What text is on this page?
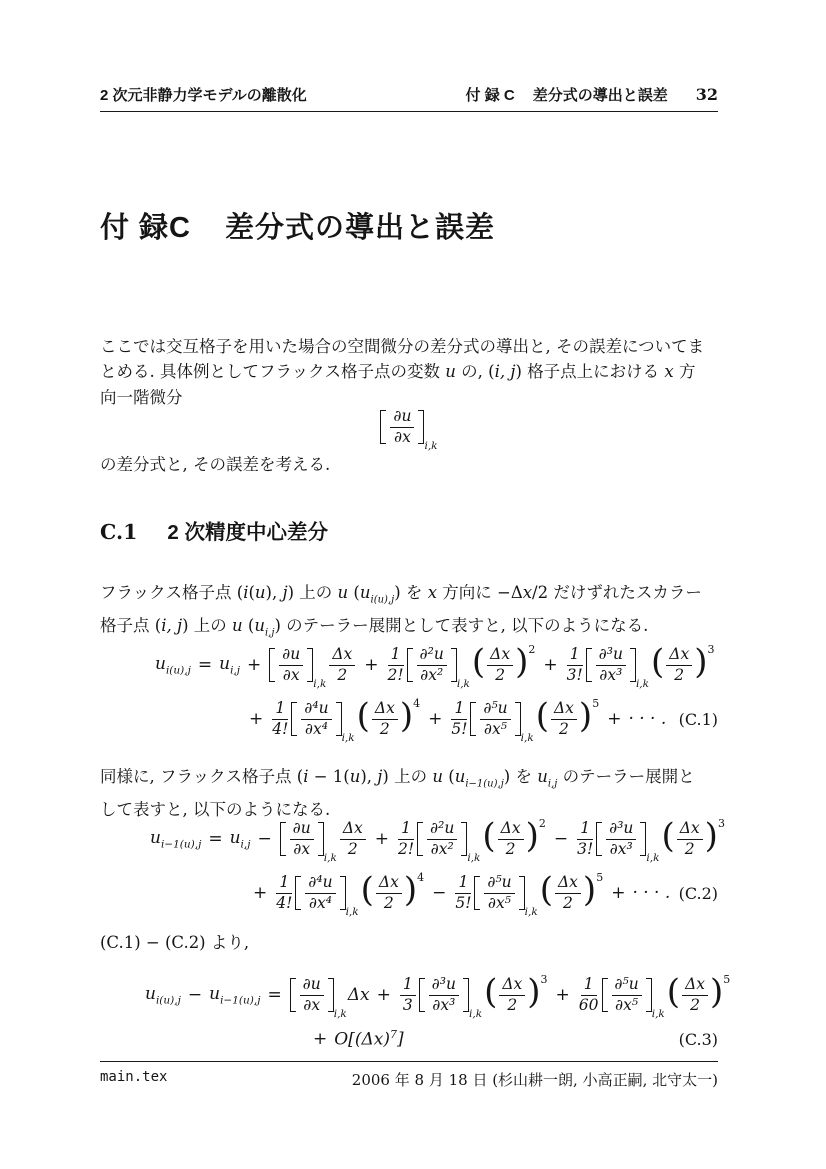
2 次元非静力学モデルの離散化	付 録 C 差分式の導出と誤差 32
付 録C 差分式の導出と誤差
ここでは交互格子を用いた場合の空間微分の差分式の導出と, その誤差についてま
とめる. 具体例としてフラックス格子点の変数 u の, (i, j) 格子点上における x 方
向一階微分
$\frac{\partial u}{\partial x} _{i,k}$
の差分式と, その誤差を考える.
C.1 2 次精度中心差分
フラックス格子点 (i(u), j) 上の u $(u_{i(u),j})$ を x 方向に −Δx/2 だけずれたスカラー
格子点 (i, j) 上の u $(u_{i,j})$ のテーラー展開として表すと, 以下のようになる.
$u_{i(u),j} = u_{i,j}$ +	$\frac{\partial u}{\partial x} _{i,k} \frac{\Delta x}{2} + \frac{1}{2!} \frac{\text{∂²u}}{\text{∂x²}} _{i,k}$
( $\frac{\Delta x}{2} )^2$
+ $\frac{1}{3!} \frac{\text{∂³u}}{\text{∂x³}} _{i,k}$
( $\frac{\Delta x}{2} )^3$
+ $\frac{1}{4!} \frac{\text{∂⁴u}}{\text{∂x⁴}} _{i,k}$
( $\frac{\Delta x}{2} )^4$
+ $\frac{1}{5!} \frac{\text{∂⁵u}}{\text{∂x⁵}} _{i,k}$
( $\frac{\Delta x}{2} )^5$
+ · · · . (C.1)
同様に, フラックス格子点 (i − 1(u), j) 上の u $(u_{i-1(u),j})$ を $u_{i,j}$ のテーラー展開と
して表すと, 以下のようになる.
$u_{i-1(u),j} = u_{i,j}$ −	$\frac{\partial u}{\partial x} _{i,k} \frac{\Delta x}{2} + \frac{1}{2!} \frac{\text{∂²u}}{\text{∂x²}} _{i,k}$
( $\frac{\Delta x}{2} )^2$
− $\frac{1}{3!} \frac{\text{∂³u}}{\text{∂x³}} _{i,k}$
( $\frac{\Delta x}{2} )^3$
+ $\frac{1}{4!} \frac{\text{∂⁴u}}{\text{∂x⁴}} _{i,k}$
( $\frac{\Delta x}{2} )^4$
− $\frac{1}{5!} \frac{\text{∂⁵u}}{\text{∂x⁵}} _{i,k}$
( $\frac{\Delta x}{2} )^5$
+ · · · . (C.2)
(C.1) − (C.2) より,
$u_{i(u),j} - u_{i-1(u),j}$ =	$\frac{\partial u}{\partial x} _{i,k}$
$\Delta x + \frac{1}{3} \frac{\text{∂³u}}{\text{∂x³}} _{i,k}$
( $\frac{\Delta x}{2} )^3$
+ $\frac{1}{60} \frac{\text{∂⁵u}}{\text{∂x⁵}} _{i,k}$
( $\frac{\Delta x}{2} )^5$
+ $O[(\Delta x)^7$ ]	(C.3)
main.tex	2006 年 8 月 18 日 (杉山耕一朗, 小高正嗣, 北守太一)
